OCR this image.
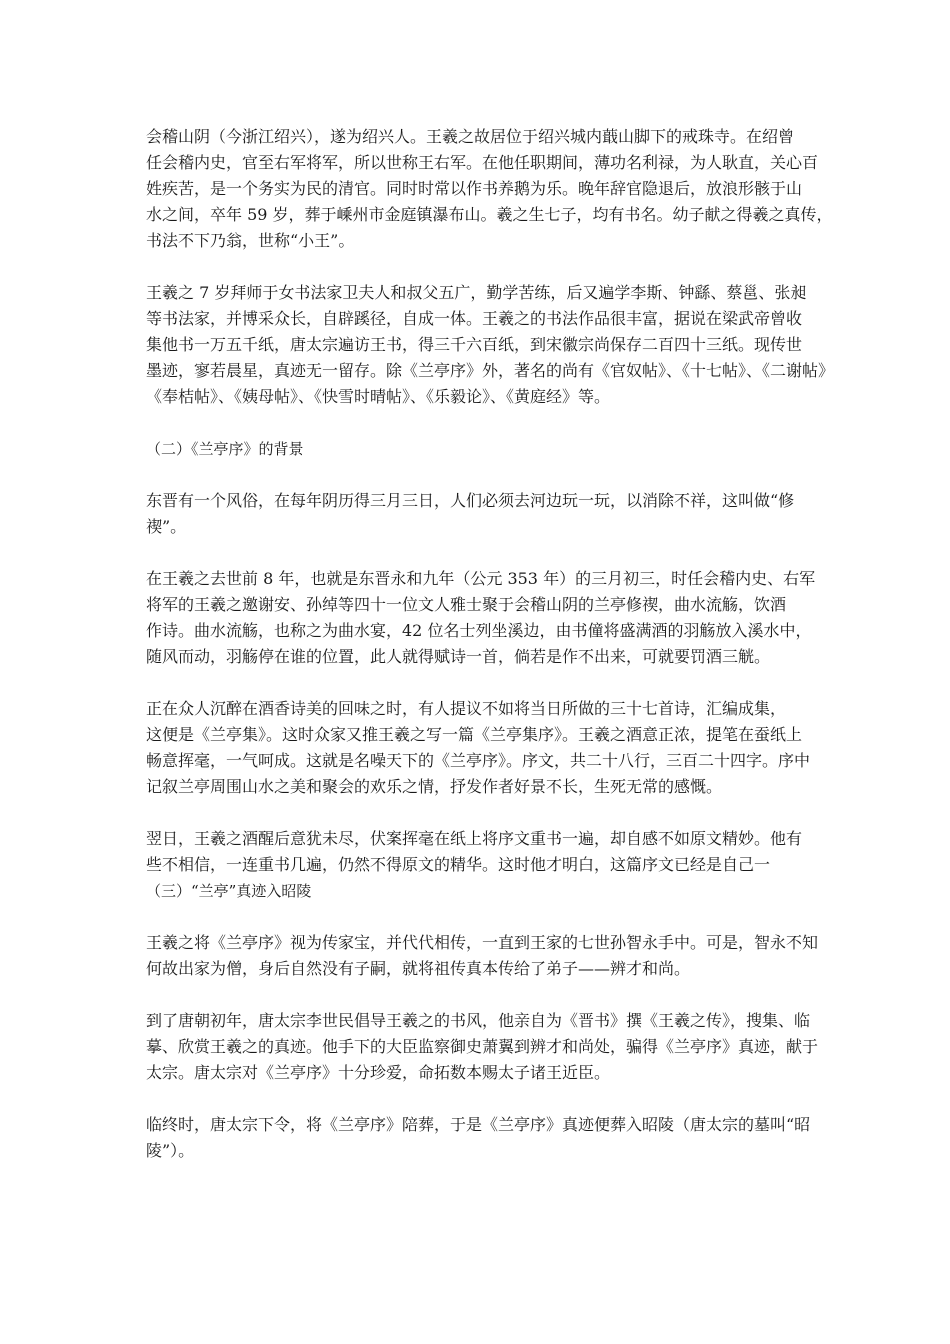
会稽山阴（今浙江绍兴），遂为绍兴人。王羲之故居位于绍兴城内蕺山脚下的戒珠寺。在绍曾
任会稽内史，官至右军将军，所以世称王右军。在他任职期间，薄功名利禄，为人耿直，关心百
姓疾苦，是一个务实为民的清官。同时时常以作书养鹅为乐。晚年辞官隐退后，放浪形骸于山
水之间，卒年 59 岁，葬于嵊州市金庭镇瀑布山。羲之生七子，均有书名。幼子献之得羲之真传，
书法不下乃翁，世称“小王”。

王羲之 7 岁拜师于女书法家卫夫人和叔父五广，勤学苦练，后又遍学李斯、钟繇、蔡邕、张昶
等书法家，并博采众长，自辟蹊径，自成一体。王羲之的书法作品很丰富，据说在梁武帝曾收
集他书一万五千纸，唐太宗遍访王书，得三千六百纸，到宋徽宗尚保存二百四十三纸。现传世
墨迹，寥若晨星，真迹无一留存。除《兰亭序》外，著名的尚有《官奴帖》、《十七帖》、《二谢帖》
《奉桔帖》、《姨母帖》、《快雪时晴帖》、《乐毅论》、《黄庭经》等。

（二）《兰亭序》的背景

东晋有一个风俗，在每年阴历得三月三日，人们必须去河边玩一玩，以消除不祥，这叫做“修
禊”。

在王羲之去世前 8 年，也就是东晋永和九年（公元 353 年）的三月初三，时任会稽内史、右军
将军的王羲之邀谢安、孙绰等四十一位文人雅士聚于会稽山阴的兰亭修禊，曲水流觞，饮酒
作诗。曲水流觞，也称之为曲水宴，42 位名士列坐溪边，由书僮将盛满酒的羽觞放入溪水中，
随风而动，羽觞停在谁的位置，此人就得赋诗一首，倘若是作不出来，可就要罚酒三觥。

正在众人沉醉在酒香诗美的回味之时，有人提议不如将当日所做的三十七首诗，汇编成集，
这便是《兰亭集》。这时众家又推王羲之写一篇《兰亭集序》。王羲之酒意正浓，提笔在蚕纸上
畅意挥毫，一气呵成。这就是名噪天下的《兰亭序》。序文，共二十八行，三百二十四字。序中
记叙兰亭周围山水之美和聚会的欢乐之情，抒发作者好景不长，生死无常的感慨。

翌日，王羲之酒醒后意犹未尽，伏案挥毫在纸上将序文重书一遍，却自感不如原文精妙。他有
些不相信，一连重书几遍，仍然不得原文的精华。这时他才明白，这篇序文已经是自己一

（三）“兰亭”真迹入昭陵

王羲之将《兰亭序》视为传家宝，并代代相传，一直到王家的七世孙智永手中。可是，智永不知
何故出家为僧，身后自然没有子嗣，就将祖传真本传给了弟子——辨才和尚。

到了唐朝初年，唐太宗李世民倡导王羲之的书风，他亲自为《晋书》撰《王羲之传》，搜集、临
摹、欣赏王羲之的真迹。他手下的大臣监察御史萧翼到辨才和尚处，骗得《兰亭序》真迹，献于
太宗。唐太宗对《兰亭序》十分珍爱，命拓数本赐太子诸王近臣。

临终时，唐太宗下令，将《兰亭序》陪葬，于是《兰亭序》真迹便葬入昭陵（唐太宗的墓叫“昭
陵”）。
